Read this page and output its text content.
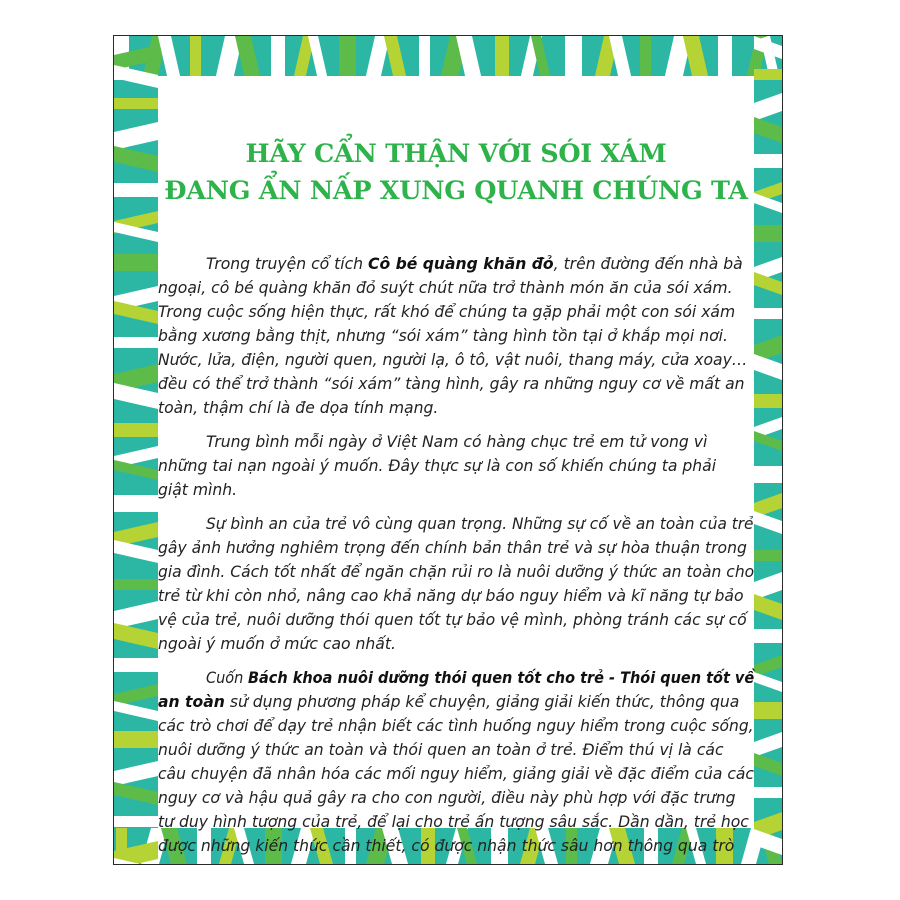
HÃY CẨN THẬN VỚI SÓI XÁM
ĐANG ẨN NẤP XUNG QUANH CHÚNG TA
Trong truyện cổ tích Cô bé quàng khăn đỏ, trên đường đến nhà bà
ngoại, cô bé quàng khăn đỏ suýt chút nữa trở thành món ăn của sói xám.
Trong cuộc sống hiện thực, rất khó để chúng ta gặp phải một con sói xám
bằng xương bằng thịt, nhưng “sói xám” tàng hình tồn tại ở khắp mọi nơi.
Nước, lửa, điện, người quen, người lạ, ô tô, vật nuôi, thang máy, cửa xoay…
đều có thể trở thành “sói xám” tàng hình, gây ra những nguy cơ về mất an
toàn, thậm chí là đe dọa tính mạng.
Trung bình mỗi ngày ở Việt Nam có hàng chục trẻ em tử vong vì
những tai nạn ngoài ý muốn. Đây thực sự là con số khiến chúng ta phải
giật mình.
Sự bình an của trẻ vô cùng quan trọng. Những sự cố về an toàn của trẻ
gây ảnh hưởng nghiêm trọng đến chính bản thân trẻ và sự hòa thuận trong
gia đình. Cách tốt nhất để ngăn chặn rủi ro là nuôi dưỡng ý thức an toàn cho
trẻ từ khi còn nhỏ, nâng cao khả năng dự báo nguy hiểm và kĩ năng tự bảo
vệ của trẻ, nuôi dưỡng thói quen tốt tự bảo vệ mình, phòng tránh các sự cố
ngoài ý muốn ở mức cao nhất.
Cuốn Bách khoa nuôi dưỡng thói quen tốt cho trẻ - Thói quen tốt về
an toàn sử dụng phương pháp kể chuyện, giảng giải kiến thức, thông qua
các trò chơi để dạy trẻ nhận biết các tình huống nguy hiểm trong cuộc sống,
nuôi dưỡng ý thức an toàn và thói quen an toàn ở trẻ. Điểm thú vị là các
câu chuyện đã nhân hóa các mối nguy hiểm, giảng giải về đặc điểm của các
nguy cơ và hậu quả gây ra cho con người, điều này phù hợp với đặc trưng
tư duy hình tượng của trẻ, để lại cho trẻ ấn tượng sâu sắc. Dần dần, trẻ học
được những kiến thức cần thiết, có được nhận thức sâu hơn thông qua trò
